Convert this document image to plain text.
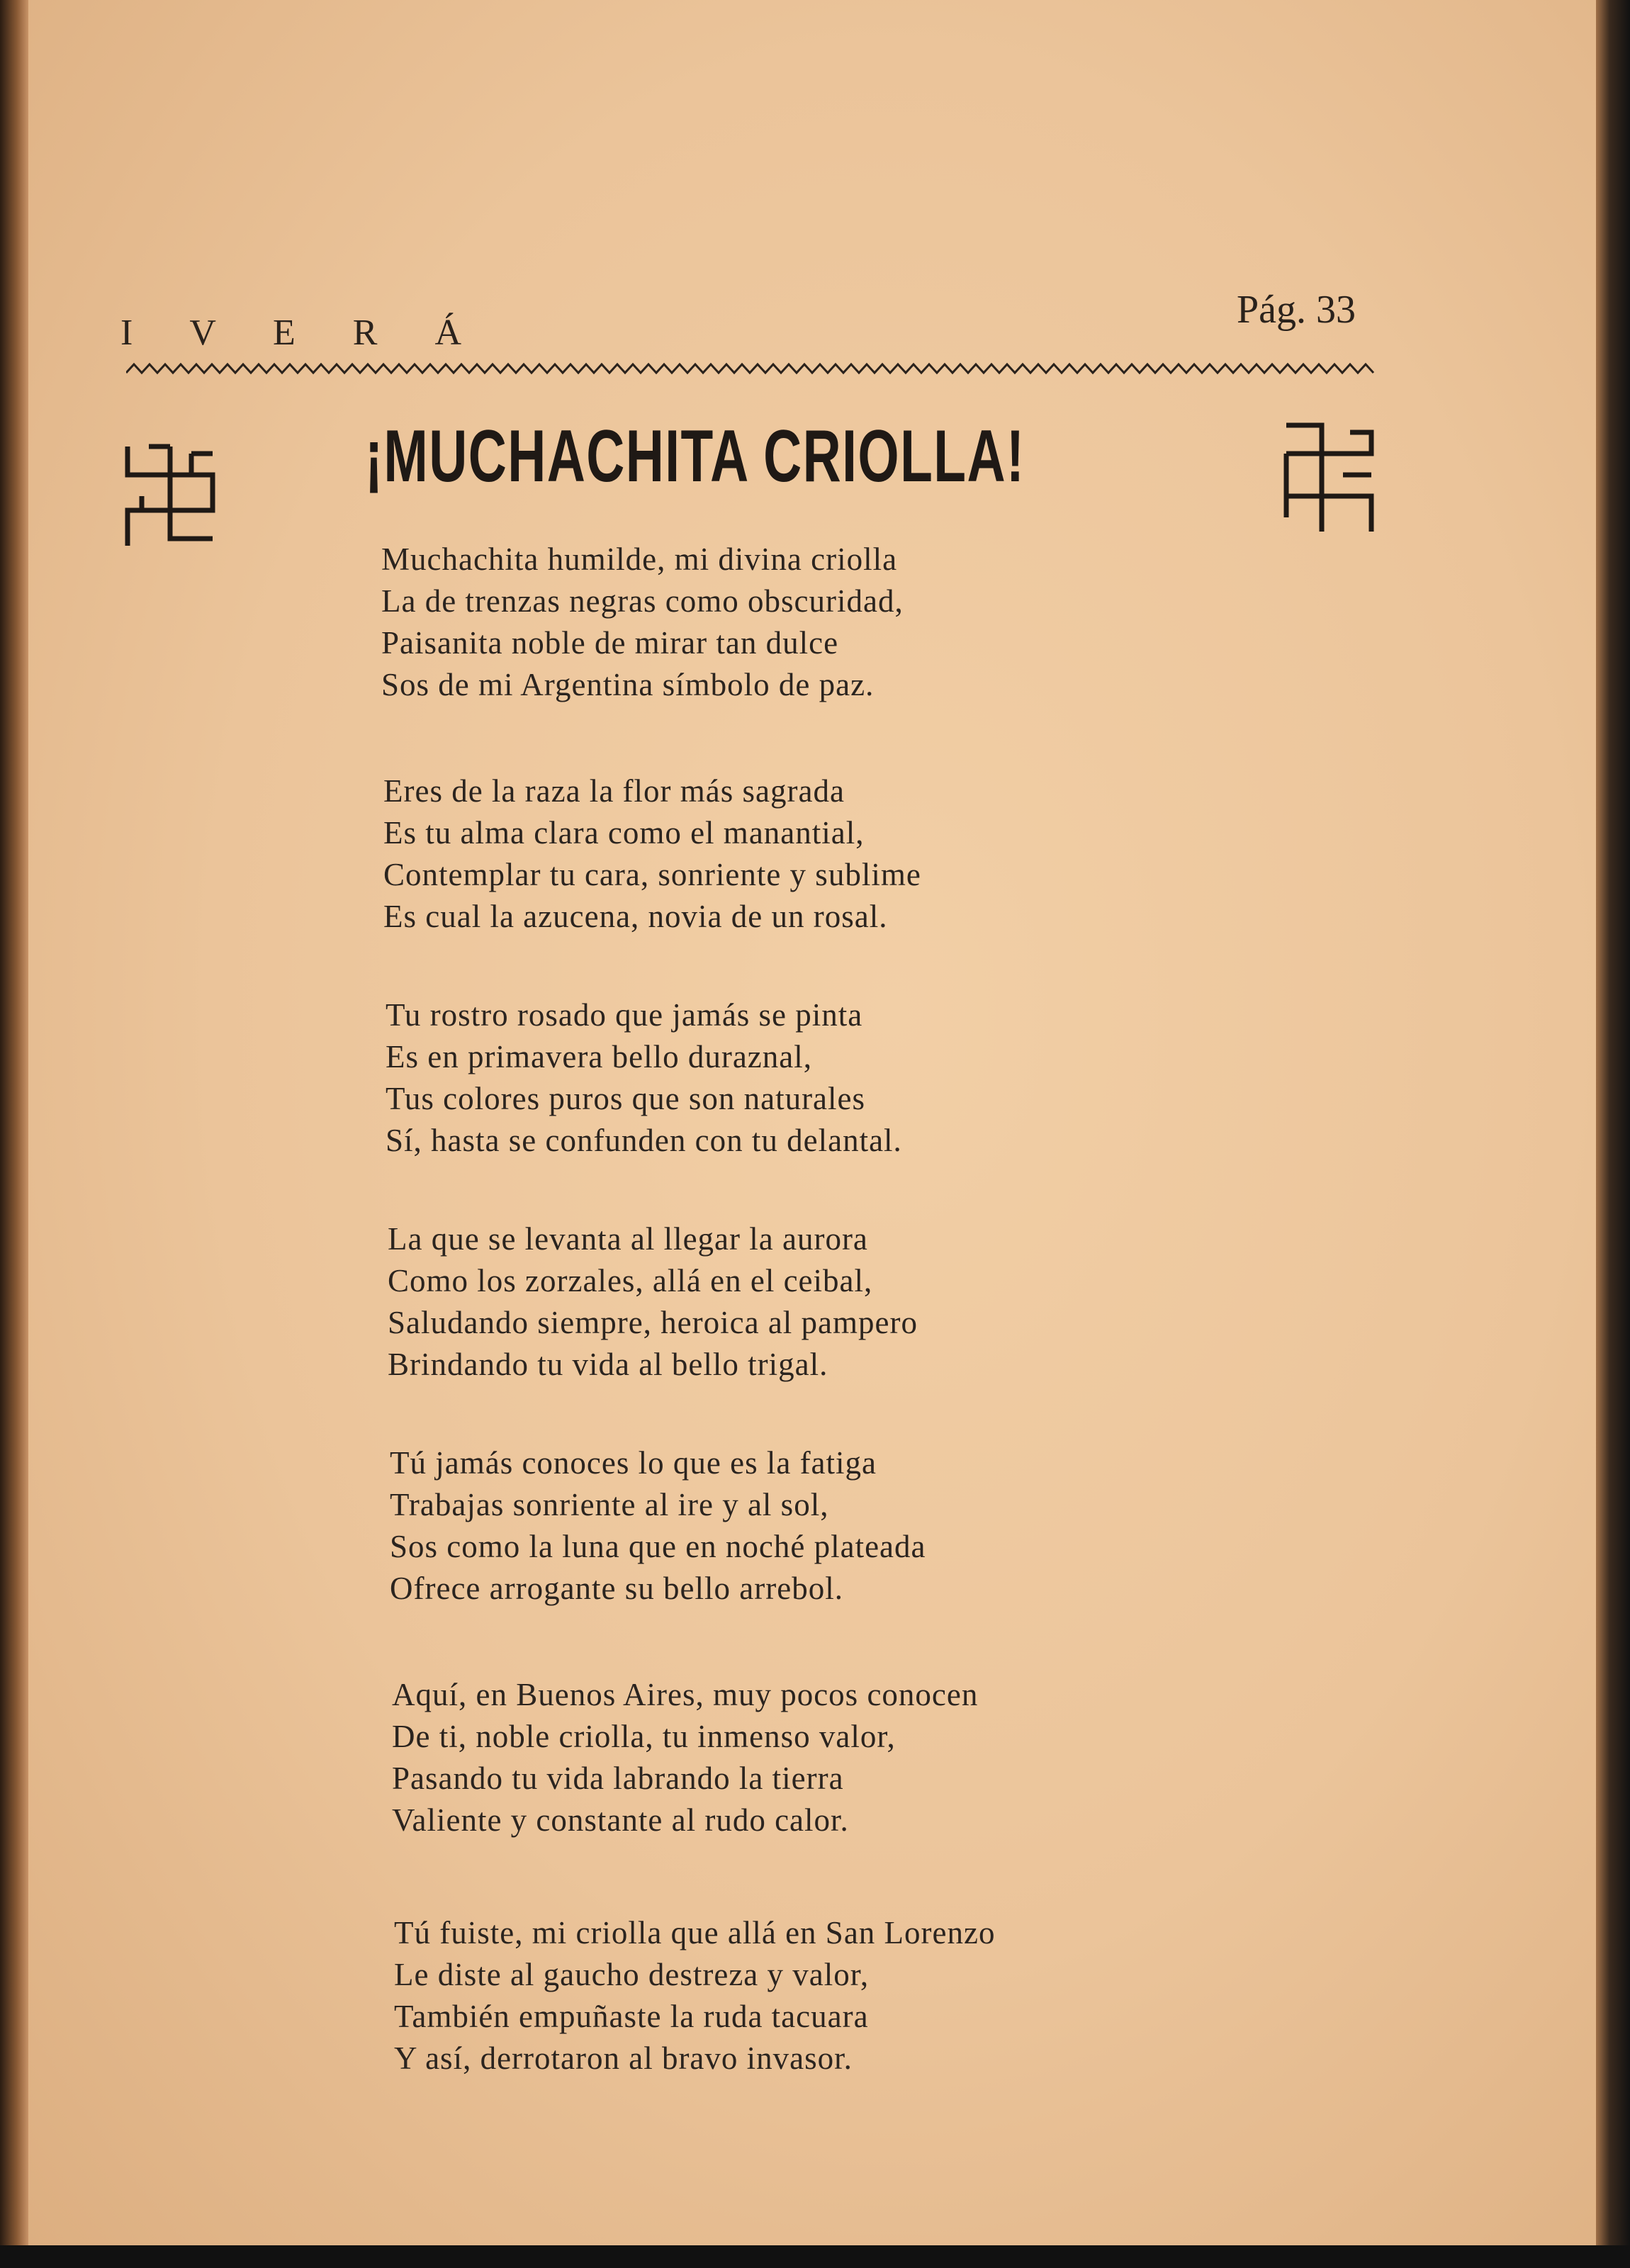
I V E R Á
Pág. 33
¡MUCHACHITA CRIOLLA!
Muchachita humilde, mi divina criolla
La de trenzas negras como obscuridad,
Paisanita noble de mirar tan dulce
Sos de mi Argentina símbolo de paz.
Eres de la raza la flor más sagrada
Es tu alma clara como el manantial,
Contemplar tu cara, sonriente y sublime
Es cual la azucena, novia de un rosal.
Tu rostro rosado que jamás se pinta
Es en primavera bello duraznal,
Tus colores puros que son naturales
Sí, hasta se confunden con tu delantal.
La que se levanta al llegar la aurora
Como los zorzales, allá en el ceibal,
Saludando siempre, heroica al pampero
Brindando tu vida al bello trigal.
Tú jamás conoces lo que es la fatiga
Trabajas sonriente al ire y al sol,
Sos como la luna que en noché plateada
Ofrece arrogante su bello arrebol.
Aquí, en Buenos Aires, muy pocos conocen
De ti, noble criolla, tu inmenso valor,
Pasando tu vida labrando la tierra
Valiente y constante al rudo calor.
Tú fuiste, mi criolla que allá en San Lorenzo
Le diste al gaucho destreza y valor,
También empuñaste la ruda tacuara
Y así, derrotaron al bravo invasor.
